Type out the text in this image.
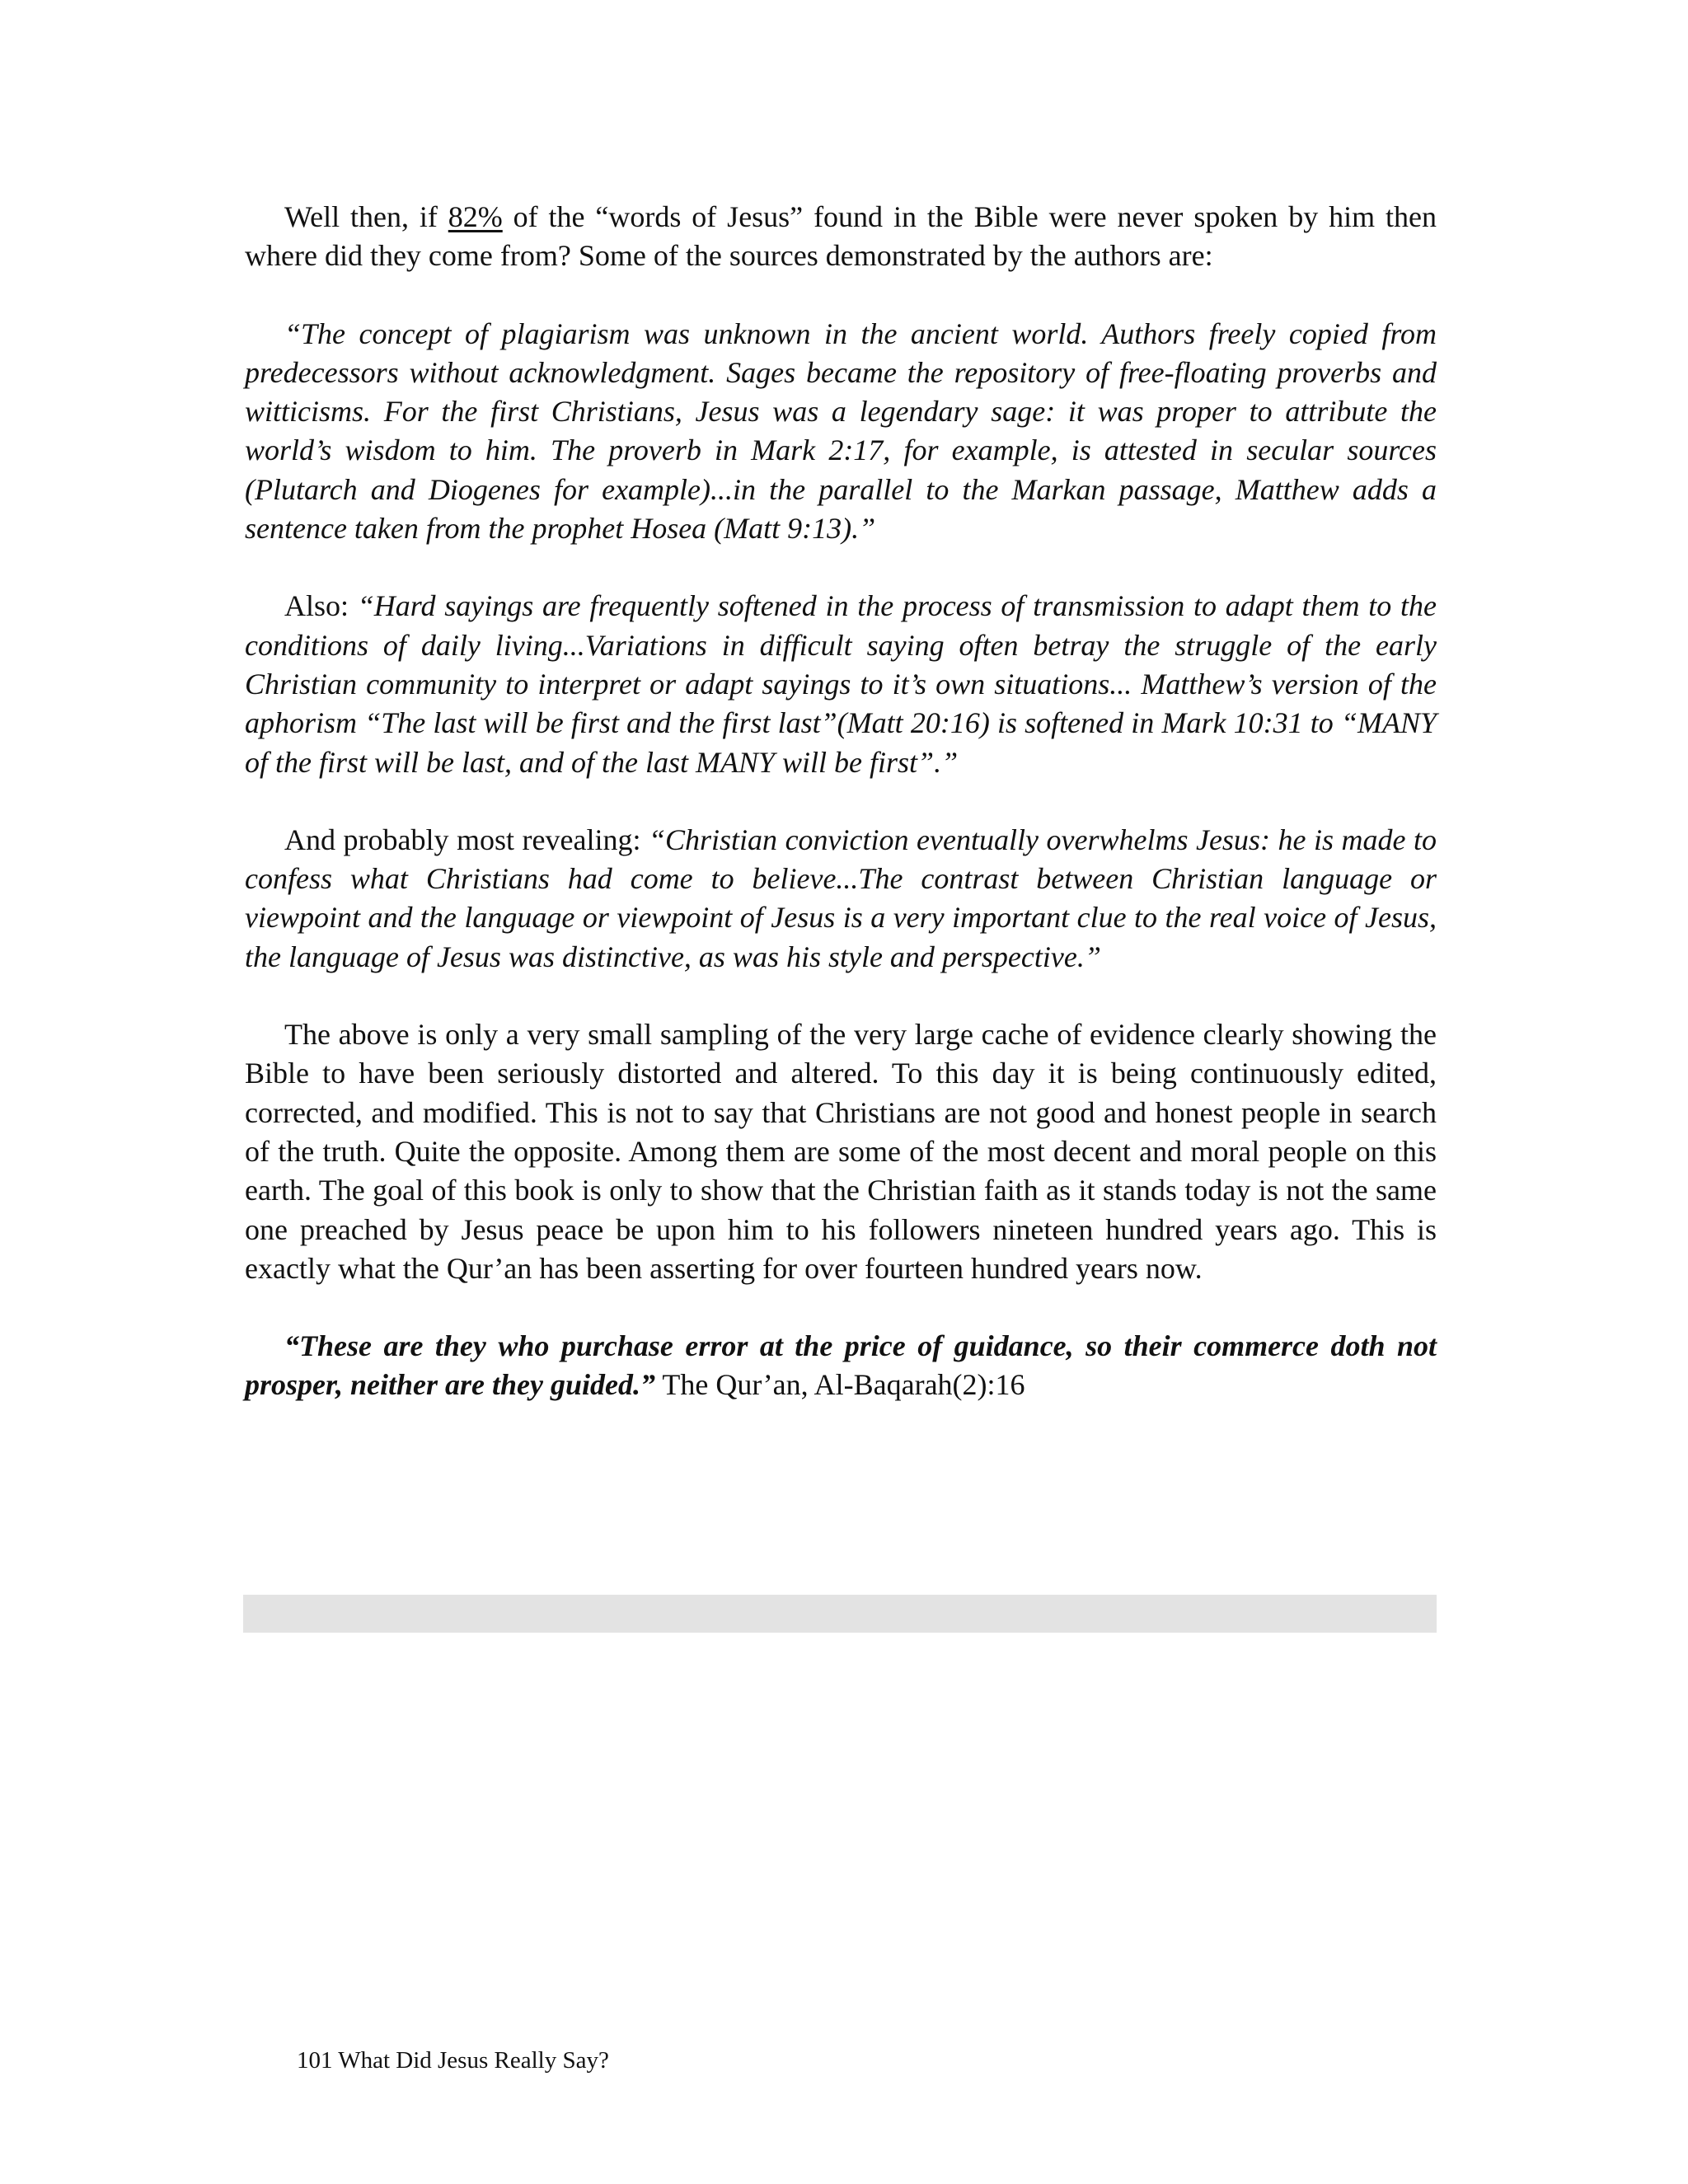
Well then, if 82% of the “words of Jesus” found in the Bible were never spoken by him then where did they come from? Some of the sources demonstrated by the authors are:

“The concept of plagiarism was unknown in the ancient world. Authors freely copied from predecessors without acknowledgment. Sages became the repository of free-floating proverbs and witticisms. For the first Christians, Jesus was a legendary sage: it was proper to attribute the world’s wisdom to him. The proverb in Mark 2:17, for example, is attested in secular sources (Plutarch and Diogenes for example)...in the parallel to the Markan passage, Matthew adds a sentence taken from the prophet Hosea (Matt 9:13).”

Also: “Hard sayings are frequently softened in the process of transmission to adapt them to the conditions of daily living...Variations in difficult saying often betray the struggle of the early Christian community to interpret or adapt sayings to it’s own situations... Matthew’s version of the aphorism “The last will be first and the first last”(Matt 20:16) is softened in Mark 10:31 to “MANY of the first will be last, and of the last MANY will be first”.”

And probably most revealing: “Christian conviction eventually overwhelms Jesus: he is made to confess what Christians had come to believe...The contrast between Christian language or viewpoint and the language or viewpoint of Jesus is a very important clue to the real voice of Jesus, the language of Jesus was distinctive, as was his style and perspective.”

The above is only a very small sampling of the very large cache of evidence clearly showing the Bible to have been seriously distorted and altered. To this day it is being continuously edited, corrected, and modified. This is not to say that Christians are not good and honest people in search of the truth. Quite the opposite. Among them are some of the most decent and moral people on this earth. The goal of this book is only to show that the Christian faith as it stands today is not the same one preached by Jesus peace be upon him to his followers nineteen hundred years ago. This is exactly what the Qur’an has been asserting for over fourteen hundred years now.

“These are they who purchase error at the price of guidance, so their commerce doth not prosper, neither are they guided.” The Qur’an, Al-Baqarah(2):16

101 What Did Jesus Really Say?
